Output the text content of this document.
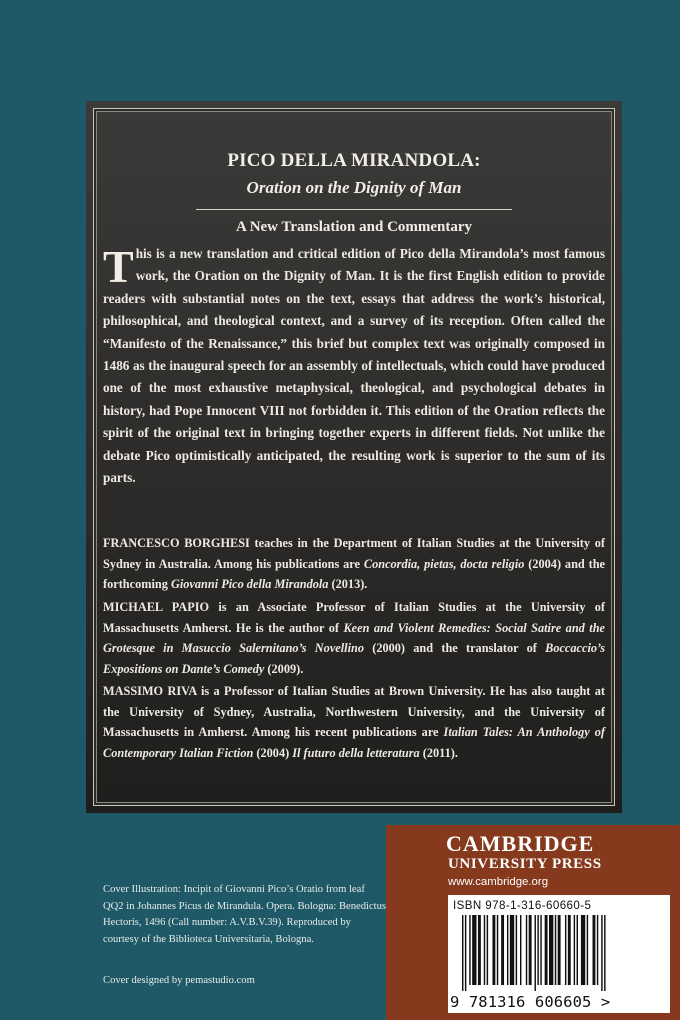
PICO DELLA MIRANDOLA:
Oration on the Dignity of Man
A New Translation and Commentary
This is a new translation and critical edition of Pico della Mirandola’s most famous work, the Oration on the Dignity of Man. It is the first English edition to provide readers with substantial notes on the text, essays that address the work’s historical, philosophical, and theological context, and a survey of its reception. Often called the “Manifesto of the Renaissance,” this brief but complex text was originally composed in 1486 as the inaugural speech for an assembly of intellectuals, which could have produced one of the most exhaustive metaphysical, theological, and psychological debates in history, had Pope Innocent VIII not forbidden it. This edition of the Oration reflects the spirit of the original text in bringing together experts in different fields. Not unlike the debate Pico optimistically anticipated, the resulting work is superior to the sum of its parts.
FRANCESCO BORGHESI teaches in the Department of Italian Studies at the University of Sydney in Australia. Among his publications are Concordia, pietas, docta religio (2004) and the forthcoming Giovanni Pico della Mirandola (2013).
MICHAEL PAPIO is an Associate Professor of Italian Studies at the University of Massachusetts Amherst. He is the author of Keen and Violent Remedies: Social Satire and the Grotesque in Masuccio Salernitano’s Novellino (2000) and the translator of Boccaccio’s Expositions on Dante’s Comedy (2009).
MASSIMO RIVA is a Professor of Italian Studies at Brown University. He has also taught at the University of Sydney, Australia, Northwestern University, and the University of Massachusetts in Amherst. Among his recent publications are Italian Tales: An Anthology of Contemporary Italian Fiction (2004) Il futuro della letteratura (2011).
Cover Illustration: Incipit of Giovanni Pico’s Oratio from leaf QQ2 in Johannes Picus de Mirandula. Opera. Bologna: Benedictus Hectoris, 1496 (Call number: A.V.B.V.39). Reproduced by courtesy of the Biblioteca Universitaria, Bologna.
Cover designed by pemastudio.com
CAMBRIDGE
UNIVERSITY PRESS
www.cambridge.org
ISBN 978-1-316-60660-5
9 781316 606605 >
